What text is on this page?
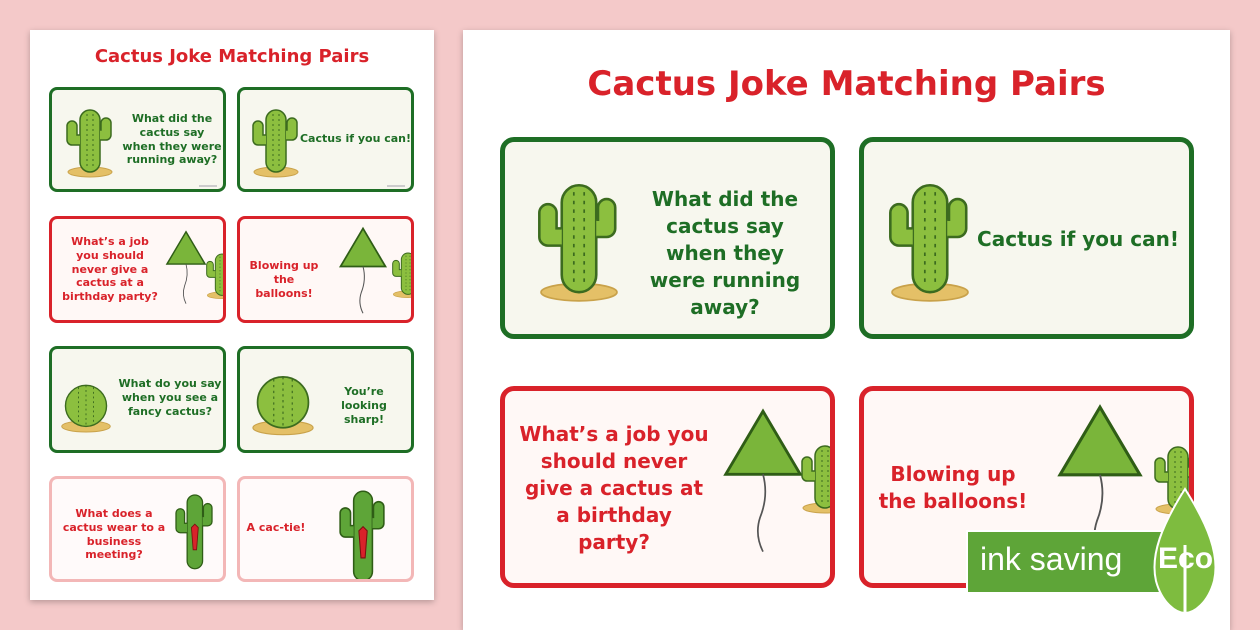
Cactus Joke Matching Pairs
What did the cactus say when they were running away?
Cactus if you can!
What’s a job you should never give a cactus at a birthday party?
Blowing up the balloons!
What do you say when you see a fancy cactus?
You’re looking sharp!
What does a cactus wear to a business meeting?
A cac-tie!
Cactus Joke Matching Pairs
What did the cactus say when they were running away?
Cactus if you can!
What’s a job you should never give a cactus at a birthday party?
Blowing up the balloons!
ink saving Eco
